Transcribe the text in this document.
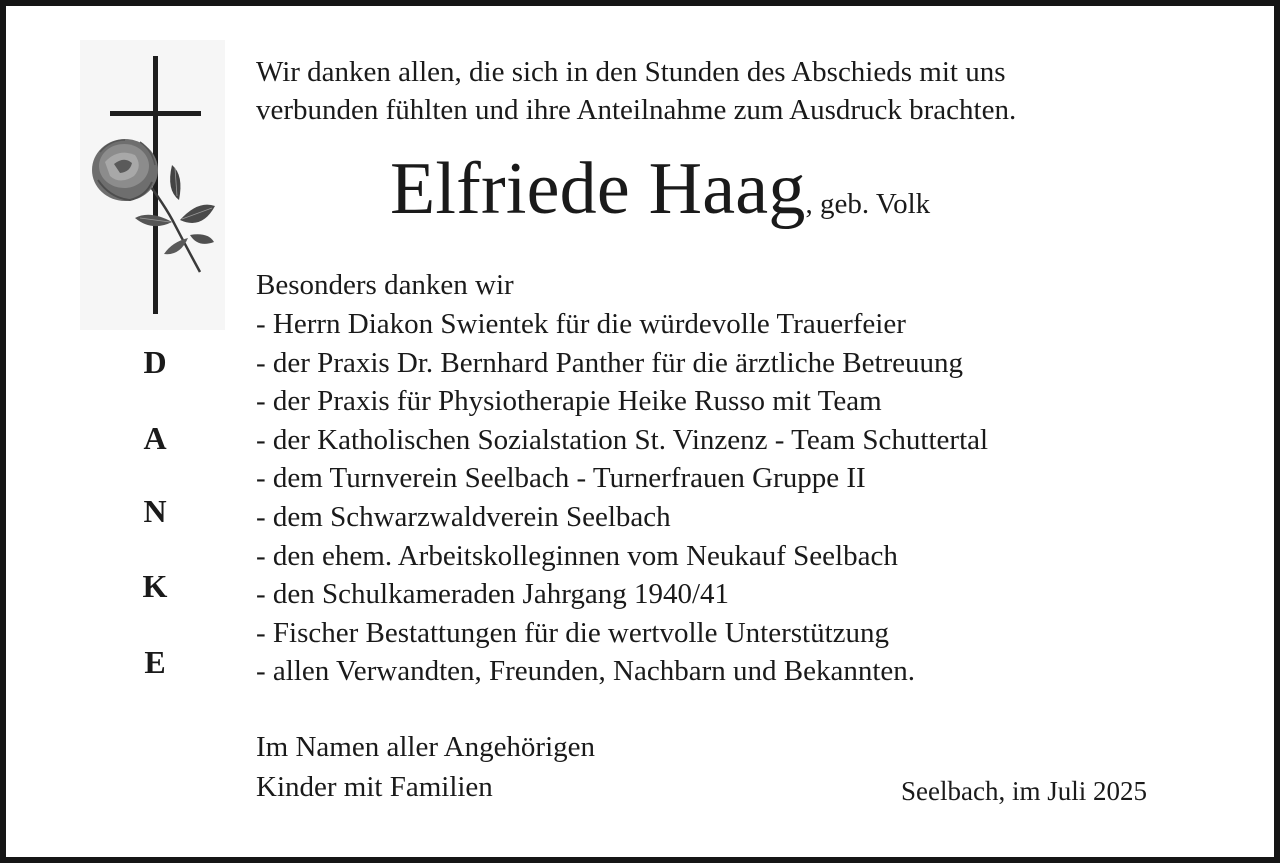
D
A
N
K
E
Wir danken allen, die sich in den Stunden des Abschieds mit uns
verbunden fühlten und ihre Anteilnahme zum Ausdruck brachten.
Elfriede Haag, geb. Volk
Besonders danken wir
- Herrn Diakon Swientek für die würdevolle Trauerfeier
- der Praxis Dr. Bernhard Panther für die ärztliche Betreuung
- der Praxis für Physiotherapie Heike Russo mit Team
- der Katholischen Sozialstation St. Vinzenz - Team Schuttertal
- dem Turnverein Seelbach - Turnerfrauen Gruppe II
- dem Schwarzwaldverein Seelbach
- den ehem. Arbeitskolleginnen vom Neukauf Seelbach
- den Schulkameraden Jahrgang 1940/41
- Fischer Bestattungen für die wertvolle Unterstützung
- allen Verwandten, Freunden, Nachbarn und Bekannten.
Im Namen aller Angehörigen
Kinder mit Familien	Seelbach, im Juli 2025
